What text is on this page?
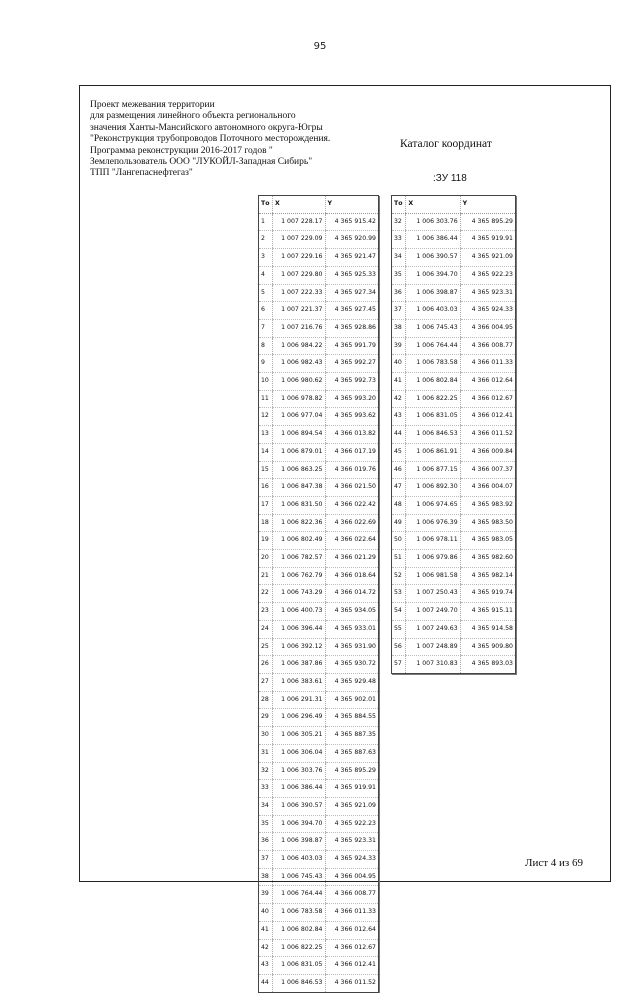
95
Проект межевания территории
для размещения линейного объекта регионального
значения Ханты-Мансийского автономного округа-Югры
"Реконструкция трубопроводов Поточного месторождения.
Программа реконструкции 2016-2017 годов "
Землепользователь ООО "ЛУКОЙЛ-Западная Сибирь"
ТПП "Лангепаснефтегаз"
Каталог координат
:ЗУ 118
То	X	Y
1	1 007 228.17	4 365 915.42
2	1 007 229.09	4 365 920.99
3	1 007 229.16	4 365 921.47
4	1 007 229.80	4 365 925.33
5	1 007 222.33	4 365 927.34
6	1 007 221.37	4 365 927.45
7	1 007 216.76	4 365 928.86
8	1 006 984.22	4 365 991.79
9	1 006 982.43	4 365 992.27
10	1 006 980.62	4 365 992.73
11	1 006 978.82	4 365 993.20
12	1 006 977.04	4 365 993.62
13	1 006 894.54	4 366 013.82
14	1 006 879.01	4 366 017.19
15	1 006 863.25	4 366 019.76
16	1 006 847.38	4 366 021.50
17	1 006 831.50	4 366 022.42
18	1 006 822.36	4 366 022.69
19	1 006 802.49	4 366 022.64
20	1 006 782.57	4 366 021.29
21	1 006 762.79	4 366 018.64
22	1 006 743.29	4 366 014.72
23	1 006 400.73	4 365 934.05
24	1 006 396.44	4 365 933.01
25	1 006 392.12	4 365 931.90
26	1 006 387.86	4 365 930.72
27	1 006 383.61	4 365 929.48
28	1 006 291.31	4 365 902.01
29	1 006 296.49	4 365 884.55
30	1 006 305.21	4 365 887.35
31	1 006 306.04	4 365 887.63
32	1 006 303.76	4 365 895.29
33	1 006 386.44	4 365 919.91
34	1 006 390.57	4 365 921.09
35	1 006 394.70	4 365 922.23
36	1 006 398.87	4 365 923.31
37	1 006 403.03	4 365 924.33
38	1 006 745.43	4 366 004.95
39	1 006 764.44	4 366 008.77
40	1 006 783.58	4 366 011.33
41	1 006 802.84	4 366 012.64
42	1 006 822.25	4 366 012.67
43	1 006 831.05	4 366 012.41
44	1 006 846.53	4 366 011.52
То	X	Y
32	1 006 303.76	4 365 895.29
33	1 006 386.44	4 365 919.91
34	1 006 390.57	4 365 921.09
35	1 006 394.70	4 365 922.23
36	1 006 398.87	4 365 923.31
37	1 006 403.03	4 365 924.33
38	1 006 745.43	4 366 004.95
39	1 006 764.44	4 366 008.77
40	1 006 783.58	4 366 011.33
41	1 006 802.84	4 366 012.64
42	1 006 822.25	4 366 012.67
43	1 006 831.05	4 366 012.41
44	1 006 846.53	4 366 011.52
45	1 006 861.91	4 366 009.84
46	1 006 877.15	4 366 007.37
47	1 006 892.30	4 366 004.07
48	1 006 974.65	4 365 983.92
49	1 006 976.39	4 365 983.50
50	1 006 978.11	4 365 983.05
51	1 006 979.86	4 365 982.60
52	1 006 981.58	4 365 982.14
53	1 007 250.43	4 365 919.74
54	1 007 249.70	4 365 915.11
55	1 007 249.63	4 365 914.58
56	1 007 248.89	4 365 909.80
57	1 007 310.83	4 365 893.03
Лист 4 из 69
